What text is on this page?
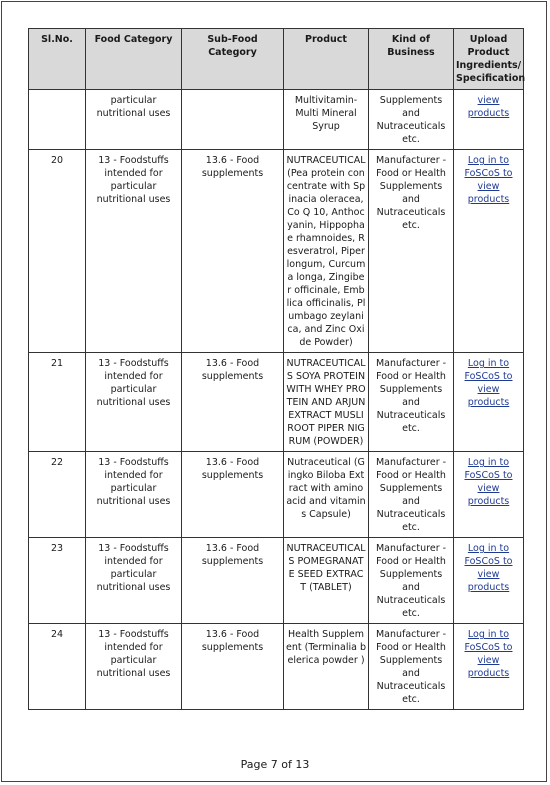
Sl.No.	Food Category	Sub-Food Category	Product	Kind of Business	Upload Product Ingredients/ Specification
	particular nutritional uses		Multivitamin- Multi Mineral Syrup	Supplements and Nutraceuticals etc.	view products
20	13 - Foodstuffs intended for particular nutritional uses	13.6 - Food supplements	NUTRACEUTICAL (Pea protein concentrate with Spinacia oleracea, Co Q 10, Anthocyanin, Hippophae rhamnoides, Resveratrol, Piper longum, Curcuma longa, Zingiber officinale, Emblica officinalis, Plumbago zeylanica, and Zinc Oxide Powder)	Manufacturer - Food or Health Supplements and Nutraceuticals etc.	Log in to FoSCoS to view products
21	13 - Foodstuffs intended for particular nutritional uses	13.6 - Food supplements	NUTRACEUTICALS SOYA PROTEIN WITH WHEY PROTEIN AND ARJUN EXTRACT MUSLI ROOT PIPER NIGRUM (POWDER)	Manufacturer - Food or Health Supplements and Nutraceuticals etc.	Log in to FoSCoS to view products
22	13 - Foodstuffs intended for particular nutritional uses	13.6 - Food supplements	Nutraceutical (Gingko Biloba Extract with amino acid and vitamins Capsule)	Manufacturer - Food or Health Supplements and Nutraceuticals etc.	Log in to FoSCoS to view products
23	13 - Foodstuffs intended for particular nutritional uses	13.6 - Food supplements	NUTRACEUTICALS POMEGRANATE SEED EXTRACT (TABLET)	Manufacturer - Food or Health Supplements and Nutraceuticals etc.	Log in to FoSCoS to view products
24	13 - Foodstuffs intended for particular nutritional uses	13.6 - Food supplements	Health Supplement (Terminalia belerica powder )	Manufacturer - Food or Health Supplements and Nutraceuticals etc.	Log in to FoSCoS to view products
Page 7 of 13
